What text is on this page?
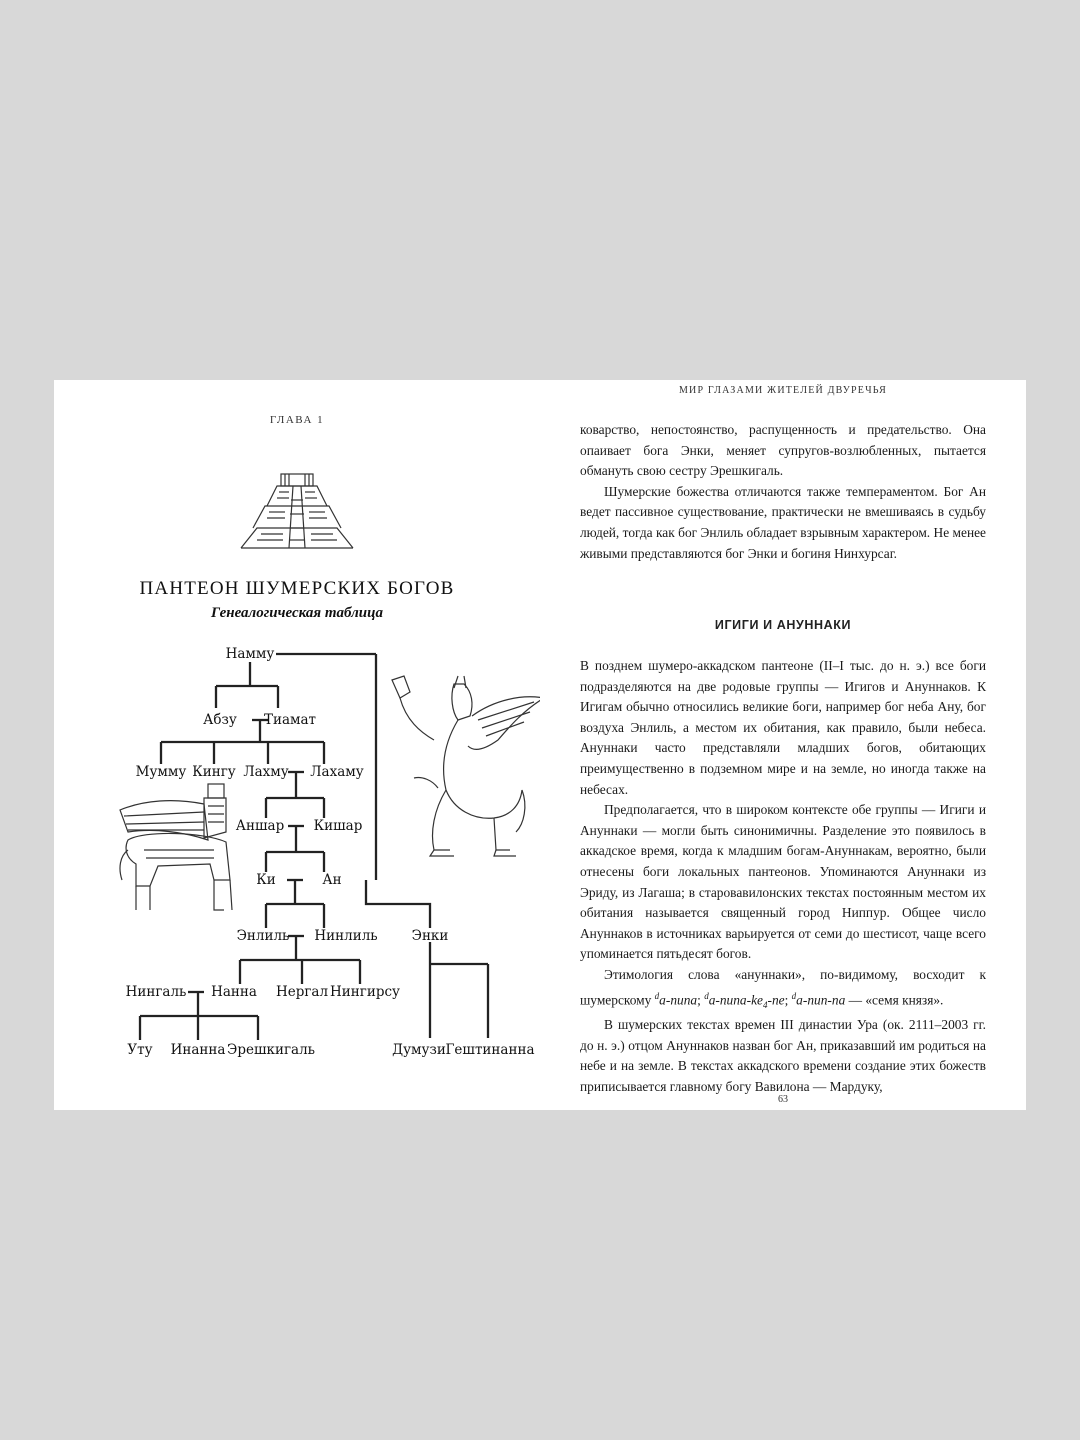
ГЛАВА 1
ПАНТЕОН ШУМЕРСКИХ БОГОВ
Генеалогическая таблица
Намму
Абзу Тиамат
Мумму Кингу Лахму Лахаму
Аншар Кишар
Ки	Ан
Энлиль Нинлиль	Энки
Нингаль Нанна Нергал Нингирсу
Уту Инанна Эрешкигаль	Думузи Гештинанна
МИР ГЛАЗАМИ ЖИТЕЛЕЙ ДВУРЕЧЬЯ

коварство, непостоянство, распущенность и предательство. Она опаивает бога Энки, меняет супругов-возлюбленных, пытается обмануть свою сестру Эрешкигаль.

Шумерские божества отличаются также темпераментом. Бог Ан ведет пассивное существование, практически не вмешиваясь в судьбу людей, тогда как бог Энлиль обладает взрывным характером. Не менее живыми представляются бог Энки и богиня Нинхурсаг.

ИГИГИ И АНУННАКИ

В позднем шумеро-аккадском пантеоне (II–I тыс. до н. э.) все боги подразделяются на две родовые группы — Игигов и Ануннаков. К Игигам обычно относились великие боги, например бог неба Ану, бог воздуха Энлиль, а местом их обитания, как правило, были небеса. Ануннаки часто представляли младших богов, обитающих преимущественно в подземном мире и на земле, но иногда также на небесах.

Предполагается, что в широком контексте обе группы — Игиги и Ануннаки — могли быть синонимичны. Разделение это появилось в аккадское время, когда к младшим богам-Ануннакам, вероятно, были отнесены боги локальных пантеонов. Упоминаются Ануннаки из Эриду, из Лагаша; в старовавилонских текстах постоянным местом их обитания называется священный город Ниппур. Общее число Ануннаков в источниках варьируется от семи до шестисот, чаще всего упоминается пятьдесят богов.

Этимология слова «ануннаки», по-видимому, восходит к шумерскому $^d$a-nuna; $^da-nuna-ke_4-ne$; $^d$a-nun-na — «семя князя».

В шумерских текстах времен III династии Ура (ок. 2111–2003 гг. до н. э.) отцом Ануннаков назван бог Ан, приказавший им родиться на небе и на земле. В текстах аккадского времени создание этих божеств приписывается главному богу Вавилона — Мардуку,

63
